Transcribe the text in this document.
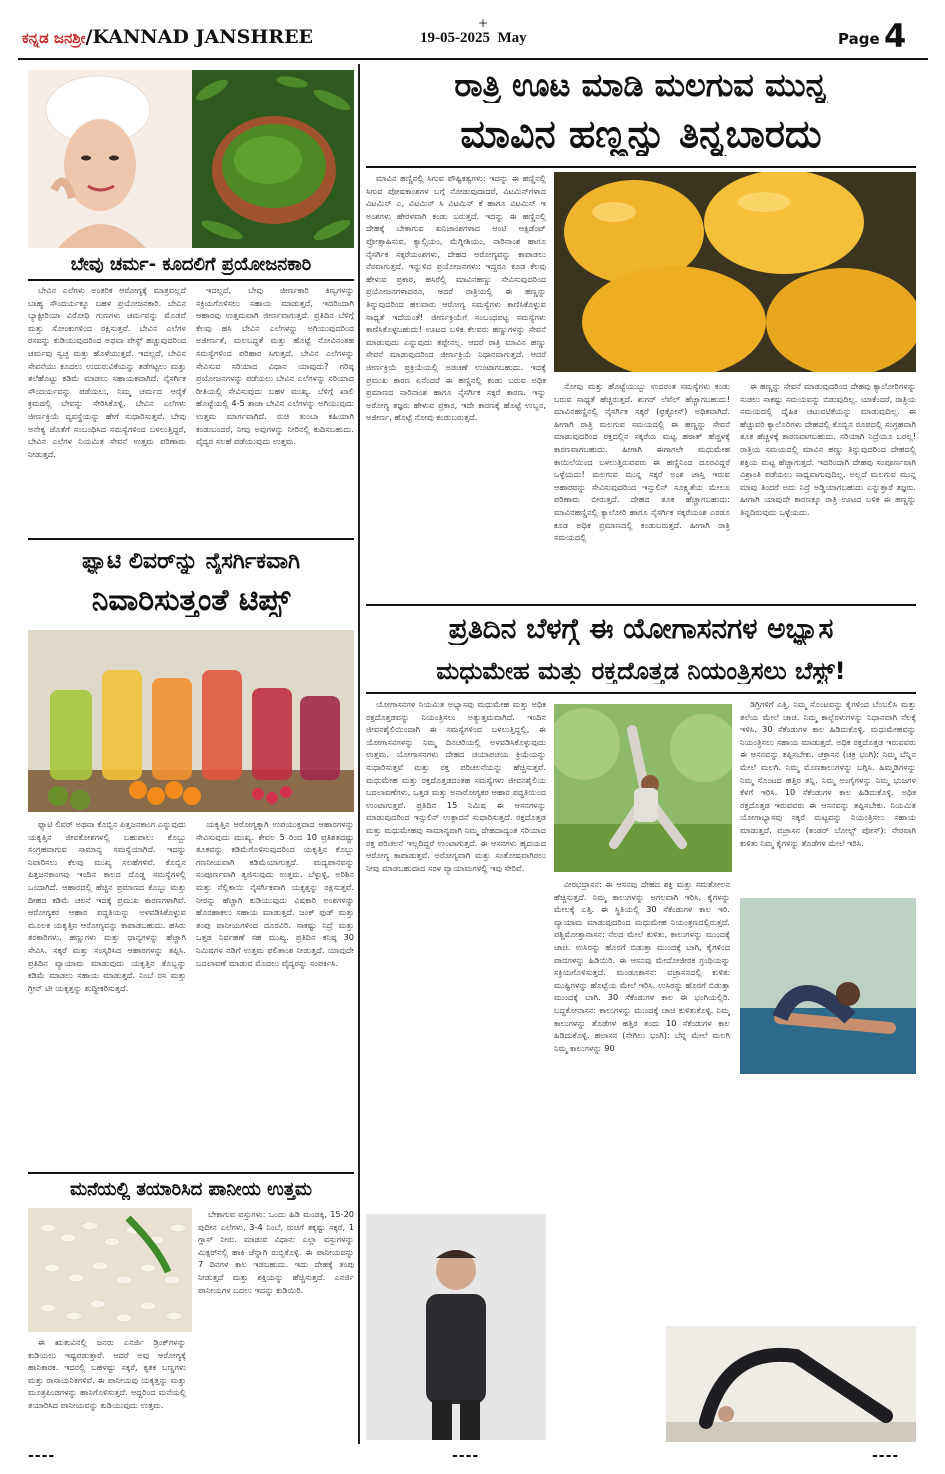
ಕನ್ನಡ ಜನಶ್ರೀ/KANNAD JANSHREE	19-05-2025 May
+
Page -
4
ಬೇವು ಚರ್ಮ- ಕೂದಲಿಗೆ ಪ್ರಯೋಜನಕಾರಿ

ಬೇವಿನ ಎಲೆಗಳು ಅಂತರಿಕ ಆರೋಗ್ಯಕ್ಕೆ ಮಾತ್ರವಲ್ಲದೆ ಬಾಹ್ಯ ಸೌಂದರ್ಯಕ್ಕೂ ಬಹಳ ಪ್ರಯೋಜನಕಾರಿ. ಬೇವಿನ ಬ್ಯಾಕ್ಟೀರಿಯಾ ವಿರೋಧಿ ಗುಣಗಳು ಚರ್ಮವನ್ನು ಮೊಡವೆ ಮತ್ತು ಸೋಂಕುಗಳಿಂದ ರಕ್ಷಿಸುತ್ತವೆ. ಬೇವಿನ ಎಲೆಗಳ ರಸವನ್ನು ಕುಡಿಯುವುದರಿಂದ ಅಥವಾ ಪೇಸ್ಟ್ ಹಚ್ಚುವುದರಿಂದ ಚರ್ಮವು ಸ್ವಚ್ಛ ಮತ್ತು ಹೊಳೆಯುತ್ತದೆ. ಇದಲ್ಲದೆ, ಬೇವಿನ ಸೇವನೆಯು ಕೂದಲು ಉದುರುವಿಕೆಯನ್ನು ತಡೆಗಟ್ಟಲು ಮತ್ತು ತಲೆಹೊಟ್ಟು ಕಡಿಮೆ ಮಾಡಲು ಸಹಾಯಕವಾಗಿದೆ. ನೈಸರ್ಗಿಕ ಸೌಂದರ್ಯವನ್ನು ಪಡೆಯಲು, ನಿಮ್ಮ ಚರ್ಮದ ಆರೈಕೆ ಕ್ರಮದಲ್ಲಿ ಬೇವನ್ನು ಸೇರಿಸಿಕೊಳ್ಳಿ. ಬೇವಿನ ಎಲೆಗಳು ಜೀರ್ಣಕ್ರಿಯೆ ವ್ಯವಸ್ಥೆಯನ್ನು ಹೇಗೆ ಸುಧಾರಿಸುತ್ತವೆ. ಬೇವು ಅನೇಕ್ಯ ಜೊತೆಗೆ ಸಂಬಂಧಿಸಿದ ಸಮಸ್ಯೆಗಳಿಂದ ಬಳಲುತ್ತಿದ್ದರೆ, ಬೇವಿನ ಎಲೆಗಳ ನಿಯಮಿತ ಸೇವನೆ ಉತ್ತಮ ಪರಿಣಾಮ ನೀಡುತ್ತದೆ.

ಇದಲ್ಲದೆ, ಬೇವು ಜೀರ್ಣಕಾರಿ ಕಿಣ್ವಗಳನ್ನು ಸಕ್ರಿಯಗೊಳಿಸಲು ಸಹಾಯ ಮಾಡುತ್ತದೆ, ಇದರಿಂದಾಗಿ ಆಹಾರವು ಉತ್ತಮವಾಗಿ ಜೀರ್ಣವಾಗುತ್ತದೆ. ಪ್ರತಿದಿನ ಬೆಳಿಗ್ಗೆ ಕೆಲವು ಹಸಿ ಬೇವಿನ ಎಲೆಗಳನ್ನು ಅಗಿಯುವುದರಿಂದ ಅಜೀರ್ಣತೆ, ಮಲಬದ್ಧತೆ ಮತ್ತು ಹೊಟ್ಟೆ ನೋವಿನಂತಹ ಸಮಸ್ಯೆಗಳಿಂದ ಪರಿಹಾರ ಸಿಗುತ್ತದೆ. ಬೇವಿನ ಎಲೆಗಳನ್ನು ಸೇವಿಸುವ ಸರಿಯಾದ ವಿಧಾನ ಯಾವುದು? ಗರಿಷ್ಠ ಪ್ರಯೋಜನಗಳನ್ನು ಪಡೆಯಲು ಬೇವಿನ ಎಲೆಗಳನ್ನು ಸರಿಯಾದ ರೀತಿಯಲ್ಲಿ ಸೇವಿಸುವುದು ಬಹಳ ಮುಖ್ಯ. ಬೆಳಿಗ್ಗೆ ಖಾಲಿ ಹೊಟ್ಟೆಯಲ್ಲಿ 4-5 ತಾಜಾ ಬೇವಿನ ಎಲೆಗಳನ್ನು ಅಗಿಯುವುದು ಉತ್ತಮ ಮಾರ್ಗವಾಗಿದೆ. ರುಚಿ ತುಂಬಾ ಕಹಿಯಾಗಿ ಕಂಡುಬಂದರೆ, ನೀವು ಅವುಗಳನ್ನು ನೀರಿನಲ್ಲಿ ಕುದಿಸಬಹುದು. ವೈದ್ಯರ ಸಲಹೆ ಪಡೆಯುವುದು ಉತ್ತಮ.

ಫ್ಯಾಟಿ ಲಿವರ್‌ನ್ನು ನೈಸರ್ಗಿಕವಾಗಿ
ನಿವಾರಿಸುತ್ತಂತೆ ಟಿಪ್ಸ್

ಫ್ಯಾಟಿ ಲಿವರ್ ಅಥವಾ ಕೊಬ್ಬಿನ ಪಿತ್ತಜನಕಾಂಗ ಎನ್ನುವುದು ಯಕೃತ್ತಿನ ಜೀವಕೋಶಗಳಲ್ಲಿ ಬಹುಪಾಲು ಕೊಬ್ಬು ಸಂಗ್ರಹವಾಗುವ ಸಾಮಾನ್ಯ ಸಮಸ್ಯೆಯಾಗಿದೆ. ಇದನ್ನು ನಿವಾರಿಸಲು ಕೆಲವು ಮುಖ್ಯ ಸಲಹೆಗಳಿವೆ. ಕೊಬ್ಬಿನ ಪಿತ್ತಜನಕಾಂಗವು ಇಂದಿನ ಕಾಲದ ದೊಡ್ಡ ಸಮಸ್ಯೆಗಳಲ್ಲಿ ಒಂದಾಗಿದೆ. ಆಹಾರದಲ್ಲಿ ಹೆಚ್ಚಿನ ಪ್ರಮಾಣದ ಕೊಬ್ಬು ಮತ್ತು ದೀಹದ ಕಡಿಮೆ ಚಲನೆ ಇದಕ್ಕೆ ಪ್ರಮುಖ ಕಾರಣಗಳಾಗಿವೆ. ಆರೋಗ್ಯಕರ ಆಹಾರ ಪದ್ಧತಿಯನ್ನು ಅಳವಡಿಸಿಕೊಳ್ಳುವ ಮೂಲಕ ಯಕೃತ್ತಿನ ಆರೋಗ್ಯವನ್ನು ಕಾಪಾಡಬಹುದು. ಹಸಿರು ತರಕಾರಿಗಳು, ಹಣ್ಣುಗಳು ಮತ್ತು ಧಾನ್ಯಗಳನ್ನು ಹೆಚ್ಚಾಗಿ ಸೇವಿಸಿ. ಸಕ್ಕರೆ ಮತ್ತು ಸಂಸ್ಕರಿಸಿದ ಆಹಾರಗಳನ್ನು ತಪ್ಪಿಸಿ. ಪ್ರತಿದಿನ ವ್ಯಾಯಾಮ ಮಾಡುವುದು ಯಕೃತ್ತಿನ ಕೊಬ್ಬನ್ನು ಕಡಿಮೆ ಮಾಡಲು ಸಹಾಯ ಮಾಡುತ್ತದೆ. ನಿಂಬೆ ರಸ ಮತ್ತು ಗ್ರೀನ್ ಟೀ ಯಕೃತ್ತನ್ನು ಶುದ್ಧೀಕರಿಸುತ್ತದೆ.

ಯಕೃತ್ತಿನ ಆರೋಗ್ಯಕ್ಕಾಗಿ ಉಪಯುಕ್ತವಾದ ಆಹಾರಗಳನ್ನು ಸೇವಿಸುವುದು ಮುಖ್ಯ. ಕೇವಲ 5 ರಿಂದ 10 ಪ್ರತಿಶತದಷ್ಟು ತೂಕವನ್ನು ಕಡಿಮೆಗೊಳಿಸುವುದರಿಂದ ಯಕೃತ್ತಿನ ಕೊಬ್ಬು ಗಣನೀಯವಾಗಿ ಕಡಿಮೆಯಾಗುತ್ತದೆ. ಮದ್ಯಪಾನವನ್ನು ಸಂಪೂರ್ಣವಾಗಿ ತ್ಯಜಿಸುವುದು ಉತ್ತಮ. ಬೆಳ್ಳುಳ್ಳಿ, ಅರಿಶಿನ ಮತ್ತು ನೆಲ್ಲಿಕಾಯಿ ನೈಸರ್ಗಿಕವಾಗಿ ಯಕೃತ್ತನ್ನು ರಕ್ಷಿಸುತ್ತವೆ. ನೀರನ್ನು ಹೆಚ್ಚಾಗಿ ಕುಡಿಯುವುದು ವಿಷಕಾರಿ ಅಂಶಗಳನ್ನು ಹೊರಹಾಕಲು ಸಹಾಯ ಮಾಡುತ್ತದೆ. ಜಂಕ್ ಫುಡ್ ಮತ್ತು ತಂಪು ಪಾನೀಯಗಳಿಂದ ದೂರವಿರಿ. ಸಾಕಷ್ಟು ನಿದ್ರೆ ಮತ್ತು ಒತ್ತಡ ನಿರ್ವಹಣೆ ಸಹ ಮುಖ್ಯ. ಪ್ರತಿದಿನ ಕನಿಷ್ಠ 30 ನಿಮಿಷಗಳ ನಡಿಗೆ ಉತ್ತಮ ಫಲಿತಾಂಶ ನೀಡುತ್ತದೆ. ಯಾವುದೇ ಬದಲಾವಣೆ ಮಾಡುವ ಮೊದಲು ವೈದ್ಯರನ್ನು ಸಂಪರ್ಕಿಸಿ.

ಮನೆಯಲ್ಲಿ ತಯಾರಿಸಿದ ಪಾನೀಯ ಉತ್ತಮ

ಈ ಋತುವಿನಲ್ಲಿ ಜನರು ಎನರ್ಜಿ ಡ್ರಿಂಕ್‌ಗಳನ್ನು ಕುಡಿಯಲು ಇಷ್ಟಪಡುತ್ತಾರೆ. ಆದರೆ ಅವು ಆರೋಗ್ಯಕ್ಕೆ ಹಾನಿಕಾರಕ. ಇದರಲ್ಲಿ ಬಹಳಷ್ಟು ಸಕ್ಕರೆ, ಕೃತಕ ಬಣ್ಣಗಳು ಮತ್ತು ರಾಸಾಯನಿಕಗಳಿವೆ. ಈ ಪಾನೀಯವು ಯಕೃತ್ತನ್ನು ಮತ್ತು ಮೂತ್ರಪಿಂಡಗಳನ್ನು ಹಾನಿಗೊಳಿಸುತ್ತದೆ. ಆದ್ದರಿಂದ ಮನೆಯಲ್ಲಿ ತಯಾರಿಸಿದ ಪಾನೀಯವನ್ನು ಕುಡಿಯುವುದು ಉತ್ತಮ.

ಬೇಕಾಗುವ ವಸ್ತುಗಳು: ಒಂದು ಹಿಡಿ ಮಂಡಕ್ಕಿ, 15-20 ಪುದೀನ ಎಲೆಗಳು, 3-4 ನಿಂಬೆ, ರುಚಿಗೆ ತಕ್ಕಷ್ಟು ಸಕ್ಕರೆ, 1 ಗ್ಲಾಸ್ ನೀರು. ಮಾಡುವ ವಿಧಾನ: ಎಲ್ಲಾ ವಸ್ತುಗಳನ್ನು ಮಿಕ್ಸರ್‌ನಲ್ಲಿ ಹಾಕಿ ಚೆನ್ನಾಗಿ ರುಬ್ಬಿಕೊಳ್ಳಿ. ಈ ಪಾನೀಯವನ್ನು 7 ದಿನಗಳ ಕಾಲ ಇಡಬಹುದು. ಇದು ದೇಹಕ್ಕೆ ತಂಪು ನೀಡುತ್ತದೆ ಮತ್ತು ಶಕ್ತಿಯನ್ನು ಹೆಚ್ಚಿಸುತ್ತದೆ. ಎನರ್ಜಿ ಪಾನೀಯಗಳ ಬದಲು ಇದನ್ನು ಕುಡಿಯಿರಿ.

ರಾತ್ರಿ ಊಟ ಮಾಡಿ ಮಲಗುವ ಮುನ್ನ
ಮಾವಿನ ಹಣ್ಣನ್ನು ತಿನ್ನಬಾರದು

ಮಾವಿನ ಹಣ್ಣಿನಲ್ಲಿ ಸಿಗುವ ಪೌಷ್ಟಿಕತ್ವಗಳು: ಇದನ್ನು ಈ ಹಣ್ಣಿನಲ್ಲಿ ಸಿಗುವ ಪೋಷಕಾಂಶಗಳ ಬಗ್ಗೆ ನೋಡುವುದಾದರೆ, ವಿಟಮಿನ್‌ಗಳಾದ ವಿಟಮಿನ್ ಎ, ವಿಟಮಿನ್ ಸಿ ವಿಟಮಿನ್ ಕೆ ಹಾಗೂ ವಿಟಮಿನ್ ಇ ಅಂಶಗಳು ಹೇರಳವಾಗಿ ಕಂಡು ಬರುತ್ತದೆ. ಇದನ್ನು ಈ ಹಣ್ಣಿನಲ್ಲಿ ದೇಹಕ್ಕೆ ಬೇಕಾಗುವ ಖನಿಜಾಂಶಗಳಾದ ಆಂಟಿ ಆಕ್ಸಿಡೆಂಟ್ ಪ್ರೋತ್ಸಾಹಿಸುವ, ಕ್ಯಾಲ್ಸಿಯಂ, ಮೆಗ್ನೀಶಿಯಂ, ನಾರಿನಾಂಶ ಹಾಗೂ ನೈಸರ್ಗಿಕ ಸಕ್ಕರೆಯಂಶಗಳು, ದೇಹದ ಆರೋಗ್ಯವನ್ನು ಕಾಪಾಡಲು ನೆರವಾಗುತ್ತದೆ. ಇನ್ನುಳಿದ ಪ್ರಯೋಜನಗಳು: ಇದ್ದರೂ ಕೂಡ ಕೆಲವು ಹೇಳುವ ಪ್ರಕಾರ, ಹಸಿರೆಲ್ಲಿ ಮಾವಿನಹಣ್ಣು ಸೇವಿಸುವುದರಿಂದ ಪ್ರಯೋಜನಗಳಾದರೂ, ಆದರೆ ರಾತ್ರಿಯಲ್ಲಿ ಈ ಹಣ್ಣನ್ನು ತಿನ್ನುವುದರಿಂದ ಹಲವಾರು ಆರೋಗ್ಯ ಸಮಸ್ಯೆಗಳು ಕಾಣಿಸಿಕೊಳ್ಳುವ ಸಾಧ್ಯತೆ ಇದೆಯಂತೆ! ಜೀರ್ಣಕ್ರಿಯೆಗೆ ಸಂಬಂಧಪಟ್ಟ ಸಮಸ್ಯೆಗಳು ಕಾಣಿಸಿಕೊಳ್ಳಬಹುದು! ಊಟದ ಬಳಿಕ ಕೆಲವರು ಹಣ್ಣುಗಳನ್ನು ಸೇವನೆ ಮಾಡುವುದು ಎನ್ನುವುದು ತಪ್ಪೇನಲ್ಲ. ಆದರೆ ರಾತ್ರಿ ಮಾವಿನ ಹಣ್ಣು ಸೇವನೆ ಮಾಡುವುದರಿಂದ ಜೀರ್ಣಕ್ರಿಯೆ ನಿಧಾನವಾಗುತ್ತದೆ. ಆದರೆ ಜೀರ್ಣಕ್ರಿಯೆ ಪ್ರಕ್ರಿಯೆಯಲ್ಲಿ ಅಡಚಣೆ ಉಂಟಾಗಬಹುದು. ಇದಕ್ಕೆ ಪ್ರಮುಖ ಕಾರಣ ಏನೆಂದರೆ ಈ ಹಣ್ಣಿನಲ್ಲಿ ಕಂಡು ಬರುವ ಅಧಿಕ ಪ್ರಮಾಣದ ನಾರಿನಾಂಶ ಹಾಗೂ ನೈಸರ್ಗಿಕ ಸಕ್ಕರೆ ಕಾರಣ. ಇನ್ನು ಅರೋಗ್ಯ ತಜ್ಞರು ಹೇಳುವ ಪ್ರಕಾರ, ಇದೇ ಕಾರಣಕ್ಕೆ ಹೊಟ್ಟೆ ಉಬ್ಬರ, ಅಜೀರ್ಣ, ಹೊಟ್ಟೆ ನೋವು ಕಂಡುಬರುತ್ತದೆ.

ನೋವು ಮತ್ತು ಹೊಟ್ಟೆಯುಬ್ಬು ಉದರಂತ ಸಮಸ್ಯೆಗಳು ಕಂಡು ಬರುವ ಸಾಧ್ಯತೆ ಹೆಚ್ಚಿರುತ್ತದೆ. ಶುಗರ್ ಲೆವೆಲ್ ಹೆಚ್ಚಾಗಬಹುದು! ಮಾವಿನಹಣ್ಣಿನಲ್ಲಿ ನೈಸರ್ಗಿಕ ಸಕ್ಕರೆ (ಫ್ರಕ್ಟೋಸ್) ಅಧಿಕವಾಗಿದೆ. ಹೀಗಾಗಿ ರಾತ್ರಿ ಮಲಗುವ ಸಮಯದಲ್ಲಿ ಈ ಹಣ್ಣನ್ನು ಸೇವನೆ ಮಾಡುವುದರಿಂದ ರಕ್ತದಲ್ಲಿನ ಸಕ್ಕರೆಯ ಮಟ್ಟ ಹಠಾತ್ ಹೆಚ್ಚಳಕ್ಕೆ ಕಾರಣವಾಗಬಹುದು. ಹೀಗಾಗಿ ಈಗಾಗಲೇ ಮಧುಮೇಹ ಕಾಯಿಲೆಯಿಂದ ಬಳಲುತ್ತಿರುವವರು ಈ ಹಣ್ಣಿನಿಂದ ದೂರವಿದ್ದರೆ ಒಳ್ಳೆಯದು! ಮಲಗುವ ಮುನ್ನ ಸಕ್ಕರೆ ಅಂಶ ಜಾಸ್ತಿ ಇರುವ ಆಹಾರವನ್ನು ಸೇವಿಸುವುದರಿಂದ ಇನ್ಸುಲಿನ್ ಸೂಕ್ಷ್ಮತೆಯ ಮೇಲೂ ಪರಿಣಾಮ ಬೀರುತ್ತದೆ. ದೇಹದ ತೂಕ ಹೆಚ್ಚಾಗಬಹುದು: ಮಾವಿನಹಣ್ಣಿನಲ್ಲಿ ಕ್ಯಾಲೋರಿ ಹಾಗೂ ನೈಸರ್ಗಿಕ ಸಕ್ಕರೆಯಂಶ ಎರಡೂ ಕೂಡ ಅಧಿಕ ಪ್ರಮಾಣದಲ್ಲಿ ಕಂಡುಬರುತ್ತದೆ. ಹೀಗಾಗಿ ರಾತ್ರಿ ಸಮಯದಲ್ಲಿ

ಈ ಹಣ್ಣನ್ನು ಸೇವನೆ ಮಾಡುವುದರಿಂದ ದೇಹವು ಕ್ಯಾಲೋರಿಗಳನ್ನು ಸುಡಲು ಸಾಕಷ್ಟು ಸಮಯವನ್ನು ಬಿಡುವುದಿಲ್ಲ. ಯಾಕೆಂದರೆ, ರಾತ್ರಿಯ ಸಮಯದಲ್ಲಿ ದೈಹಿಕ ಚಟುವಟಿಕೆಯನ್ನು ಮಾಡುವುದಿಲ್ಲ. ಈ ಹೆಚ್ಚುವರಿ ಕ್ಯಾಲೊರಿಗಳು ದೇಹದಲ್ಲಿ ಕೊಬ್ಬಿನ ರೂಪದಲ್ಲಿ ಸಂಗ್ರಹವಾಗಿ ತೂಕ ಹೆಚ್ಚಳಕ್ಕೆ ಕಾರಣವಾಗಬಹುದು. ಸರಿಯಾಗಿ ನಿದ್ರೆಯೂ ಬರಲ್ಲ! ರಾತ್ರಿಯ ಸಮಯದಲ್ಲಿ ಮಾವಿನ ಹಣ್ಣು ತಿನ್ನುವುದರಿಂದ ದೇಹದಲ್ಲಿ ಶಕ್ತಿಯ ಮಟ್ಟ ಹೆಚ್ಚಾಗುತ್ತದೆ. ಇದರಿಂದಾಗಿ ದೇಹವು ಸಂಪೂರ್ಣವಾಗಿ ವಿಶ್ರಾಂತಿ ಪಡೆಯಲು ಸಾಧ್ಯವಾಗುವುದಿಲ್ಲ. ಅಲ್ಲದೆ ಮಲಗುವ ಮುನ್ನ ಮಾವು ತಿಂದರೆ ಅದು ನಿದ್ರೆ ಅಡ್ಡಿಯಾಗಬಹುದು ಎನ್ನುತ್ತಾರೆ ತಜ್ಞರು. ಹೀಗಾಗಿ ಯಾವುದೇ ಕಾರಣಕ್ಕೂ ರಾತ್ರಿ ಊಟದ ಬಳಿಕ ಈ ಹಣ್ಣನ್ನು ತಿನ್ನದಿರುವುದು ಒಳ್ಳೆಯದು.

ಪ್ರತಿದಿನ ಬೆಳಗ್ಗೆ ಈ ಯೋಗಾಸನಗಳ ಅಭ್ಯಾಸ
ಮಧುಮೇಹ ಮತ್ತು ರಕ್ತದೊತ್ತಡ ನಿಯಂತ್ರಿಸಲು ಬೆಸ್ಟ್!

ಯೋಗಾಸನಗಳ ನಿಯಮಿತ ಅಭ್ಯಾಸವು ಮಧುಮೇಹ ಮತ್ತು ಅಧಿಕ ರಕ್ತದೊತ್ತಡವನ್ನು ನಿಯಂತ್ರಿಸಲು ಅತ್ಯುತ್ತಮವಾಗಿದೆ. ಇಂದಿನ ಜೀವನಶೈಲಿಯಿಂದಾಗಿ ಈ ಸಮಸ್ಯೆಗಳಿಂದ ಬಳಲುತ್ತಿದ್ದಲ್ಲಿ, ಈ ಯೋಗಾಸನಗಳನ್ನು ನಿಮ್ಮ ದಿನಚರಿಯಲ್ಲಿ ಅಳವಡಿಸಿಕೊಳ್ಳುವುದು ಉತ್ತಮ. ಯೋಗಾಸನಗಳು ದೇಹದ ಚಯಾಪಚಯ ಕ್ರಿಯೆಯನ್ನು ಸುಧಾರಿಸುತ್ತವೆ ಮತ್ತು ರಕ್ತ ಪರಿಚಲನೆಯನ್ನು ಹೆಚ್ಚಿಸುತ್ತವೆ. ಮಧುಮೇಹ ಮತ್ತು ರಕ್ತದೊತ್ತಡದಂತಹ ಸಮಸ್ಯೆಗಳು ಜೀವನಶೈಲಿಯ ಬದಲಾವಣೆಗಳು, ಒತ್ತಡ ಮತ್ತು ಅನಾರೋಗ್ಯಕರ ಆಹಾರ ಪದ್ಧತಿಯಿಂದ ಉಂಟಾಗುತ್ತವೆ. ಪ್ರತಿದಿನ 15 ನಿಮಿಷ ಈ ಆಸನಗಳನ್ನು ಮಾಡುವುದರಿಂದ ಇನ್ಸುಲಿನ್ ಉತ್ಪಾದನೆ ಸುಧಾರಿಸುತ್ತದೆ. ರಕ್ತದೊತ್ತಡ ಮತ್ತು ಮಧುಮೇಹವು ಸಾಮಾನ್ಯವಾಗಿ ನಿಮ್ಮ ದೇಹದಾದ್ಯಂತ ಸರಿಯಾದ ರಕ್ತ ಪರಿಚಲನೆ ಇಲ್ಲದಿದ್ದರೆ ಉಂಟಾಗುತ್ತದೆ. ಈ ಆಸನಗಳು ಹೃದಯದ ಆರೋಗ್ಯ ಕಾಪಾಡುತ್ತವೆ. ಅರೋಗ್ಯವಾಗಿ ಮತ್ತು ಸಂತೋಷವಾಗಿರಲು ನೀವು ಮಾಡಬಹುದಾದ ಸರಳ ವ್ಯಾಯಾಮಗಳಲ್ಲಿ ಇವು ಸೇರಿವೆ.

ಡಿಗ್ರಿಗಳಿಗೆ ಎತ್ತಿ. ನಿಮ್ಮ ಸೊಂಟವನ್ನು ಕೈಗಳಿಂದ ಬೆಂಬಲಿಸಿ ಮತ್ತು ತಲೆಯ ಮೇಲೆ ಚಾಚಿ. ನಿಮ್ಮ ಕಾಲ್ಬೆರಳುಗಳನ್ನು ನಿಧಾನವಾಗಿ ನೆಲಕ್ಕೆ ಇಳಿಸಿ. 30 ಸೆಕೆಂಡುಗಳ ಕಾಲ ಹಿಡಿದುಕೊಳ್ಳಿ. ಮಧುಮೇಹವನ್ನು ನಿಯಂತ್ರಿಸಲು ಸಹಾಯ ಮಾಡುತ್ತದೆ. ಅಧಿಕ ರಕ್ತದೊತ್ತಡ ಇರುವವರು ಈ ಆಸನವನ್ನು ತಪ್ಪಿಸಬೇಕು. ಚಕ್ರಾಸನ (ಚಕ್ರ ಭಂಗಿ): ನಿಮ್ಮ ಬೆನ್ನಿನ ಮೇಲೆ ಮಲಗಿ. ನಿಮ್ಮ ಮೊಣಕಾಲುಗಳನ್ನು ಬಗ್ಗಿಸಿ. ಹಿಮ್ಮಡಿಗಳನ್ನು ನಿಮ್ಮ ಸೊಂಟದ ಹತ್ತಿರ ತನ್ನಿ. ನಿಮ್ಮ ಅಂಗೈಗಳನ್ನು ನಿಮ್ಮ ಭುಜಗಳ ಕೆಳಗೆ ಇರಿಸಿ. 10 ಸೆಕೆಂಡುಗಳ ಕಾಲ ಹಿಡಿದುಕೊಳ್ಳಿ. ಅಧಿಕ ರಕ್ತದೊತ್ತಡ ಇರುವವರು ಈ ಆಸನವನ್ನು ತಪ್ಪಿಸಬೇಕು. ನಿಯಮಿತ ಯೋಗಾಭ್ಯಾಸವು ಸಕ್ಕರೆ ಮಟ್ಟವನ್ನು ನಿಯಂತ್ರಿಸಲು ಸಹಾಯ ಮಾಡುತ್ತದೆ. ವಜ್ರಾಸನ (ತಂಡರ್ ಬೋಲ್ಟ್ ಪೋಸ್): ನೇರವಾಗಿ ಕುಳಿತು ನಿಮ್ಮ ಕೈಗಳನ್ನು ತೊಡೆಗಳ ಮೇಲೆ ಇರಿಸಿ.

ವೀರಭದ್ರಾಸನ: ಈ ಆಸನವು ದೇಹದ ಶಕ್ತಿ ಮತ್ತು ಸಮತೋಲನ ಹೆಚ್ಚಿಸುತ್ತದೆ. ನಿಮ್ಮ ಕಾಲುಗಳನ್ನು ಅಗಲವಾಗಿ ಇರಿಸಿ, ಕೈಗಳನ್ನು ಮೇಲಕ್ಕೆ ಎತ್ತಿ. ಈ ಸ್ಥಿತಿಯಲ್ಲಿ 30 ಸೆಕೆಂಡುಗಳ ಕಾಲ ಇರಿ. ವ್ಯಾಯಾಮ ಮಾಡುವುದರಿಂದ ಮಧುಮೇಹ ನಿಯಂತ್ರಣದಲ್ಲಿರುತ್ತದೆ. ಪಶ್ಚಿಮೋತ್ತಾನಾಸನ: ನೆಲದ ಮೇಲೆ ಕುಳಿತು, ಕಾಲುಗಳನ್ನು ಮುಂದಕ್ಕೆ ಚಾಚಿ. ಉಸಿರನ್ನು ಹೊರಗೆ ಬಿಡುತ್ತಾ ಮುಂದಕ್ಕೆ ಬಾಗಿ, ಕೈಗಳಿಂದ ಪಾದಗಳನ್ನು ಹಿಡಿಯಿರಿ. ಈ ಆಸನವು ಮೇದೋಜೀರಕ ಗ್ರಂಥಿಯನ್ನು ಸಕ್ರಿಯಗೊಳಿಸುತ್ತದೆ. ಮಂಡೂಕಾಸನ: ವಜ್ರಾಸನದಲ್ಲಿ ಕುಳಿತು ಮುಷ್ಟಿಗಳನ್ನು ಹೊಟ್ಟೆಯ ಮೇಲೆ ಇರಿಸಿ. ಉಸಿರನ್ನು ಹೊರಗೆ ಬಿಡುತ್ತಾ ಮುಂದಕ್ಕೆ ಬಾಗಿ. 30 ಸೆಕೆಂಡುಗಳ ಕಾಲ ಈ ಭಂಗಿಯಲ್ಲಿರಿ. ಬದ್ಧಕೋನಾಸನ: ಕಾಲುಗಳನ್ನು ಮುಂದಕ್ಕೆ ಚಾಚಿ ಕುಳಿತುಕೊಳ್ಳಿ. ನಿಮ್ಮ ಕಾಲುಗಳನ್ನು ತೊಡೆಗಳ ಹತ್ತಿರ ತಂದು 10 ಸೆಕೆಂಡುಗಳ ಕಾಲ ಹಿಡಿದುಕೊಳ್ಳಿ. ಹಲಾಸನ (ನೇಗಿಲು ಭಂಗಿ): ಬೆನ್ನ ಮೇಲೆ ಮಲಗಿ ನಿಮ್ಮ ಕಾಲುಗಳನ್ನು 90

----	----	----
